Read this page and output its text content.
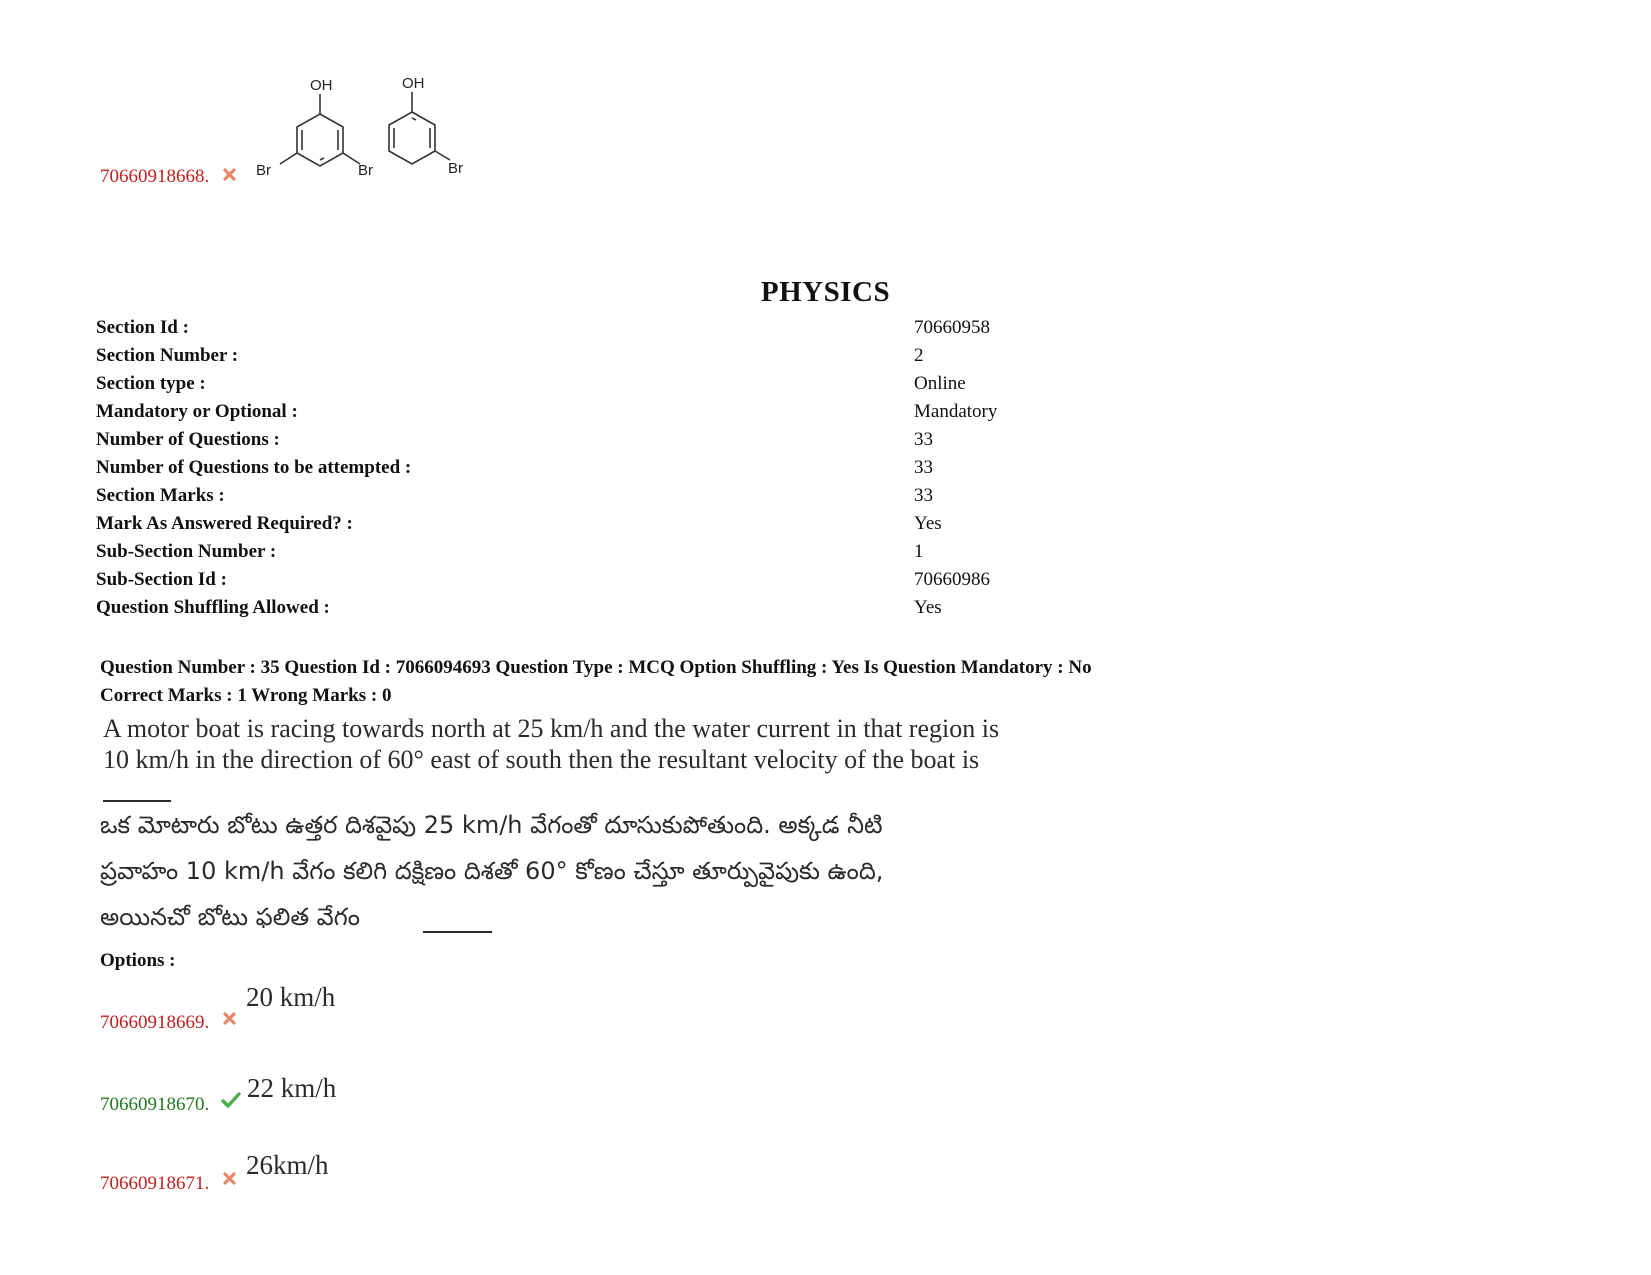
70660918668.
OH
Br	Br
OH
Br
PHYSICS
Section Id :	70660958
Section Number :	2
Section type :	Online
Mandatory or Optional :	Mandatory
Number of Questions :	33
Number of Questions to be attempted :	33
Section Marks :	33
Mark As Answered Required? :	Yes
Sub-Section Number :	1
Sub-Section Id :	70660986
Question Shuffling Allowed :	Yes
Question Number : 35 Question Id : 7066094693 Question Type : MCQ Option Shuffling : Yes Is Question Mandatory : No
Correct Marks : 1 Wrong Marks : 0
A motor boat is racing towards north at 25 km/h and the water current in that region is
10 km/h in the direction of 60° east of south then the resultant velocity of the boat is
ఒక మోటారు బోటు ఉత్తర దిశవైపు 25 km/h వేగంతో దూసుకుపోతుంది. అక్కడ నీటి
ప్రవాహం 10 km/h వేగం కలిగి దక్షిణం దిశతో 60° కోణం చేస్తూ తూర్పువైపుకు ఉంది,
అయినచో బోటు ఫలిత వేగం
Options :
70660918669.
20 km/h
70660918670.
22 km/h
70660918671.
26km/h
